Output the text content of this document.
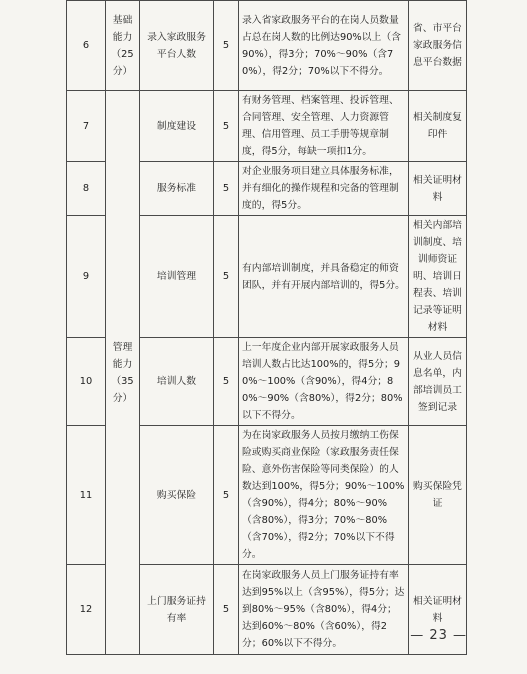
6	基础能力（25分）	录入家政服务平台人数	5	录入省家政服务平台的在岗人员数量占总在岗人数的比例达90%以上（含90%），得3分；70%～90%（含70%），得2分；70%以下不得分。	省、市平台家政服务信息平台数据
7	管理能力（35分）	制度建设	5	有财务管理、档案管理、投诉管理、合同管理、安全管理、人力资源管理、信用管理、员工手册等规章制度，得5分，每缺一项扣1分。	相关制度复印件
8		服务标准	5	对企业服务项目建立具体服务标准，并有细化的操作规程和完备的管理制度的，得5分。	相关证明材料
9		培训管理	5	有内部培训制度，并具备稳定的师资团队，并有开展内部培训的，得5分。	相关内部培训制度、培训师资证明、培训日程表、培训记录等证明材料
10		培训人数	5	上一年度企业内部开展家政服务人员培训人数占比达100%的，得5分；90%～100%（含90%），得4分；80%～90%（含80%），得2分；80%以下不得分。	从业人员信息名单，内部培训员工签到记录
11		购买保险	5	为在岗家政服务人员按月缴纳工伤保险或购买商业保险（家政服务责任保险、意外伤害保险等同类保险）的人数达到100%，得5分；90%～100%（含90%），得4分；80%～90%（含80%），得3分；70%～80%（含70%），得2分；70%以下不得分。	购买保险凭证
12		上门服务证持有率	5	在岗家政服务人员上门服务证持有率达到95%以上（含95%），得5分；达到80%～95%（含80%），得4分；达到60%～80%（含60%），得2分；60%以下不得分。	相关证明材料
— 23 —
